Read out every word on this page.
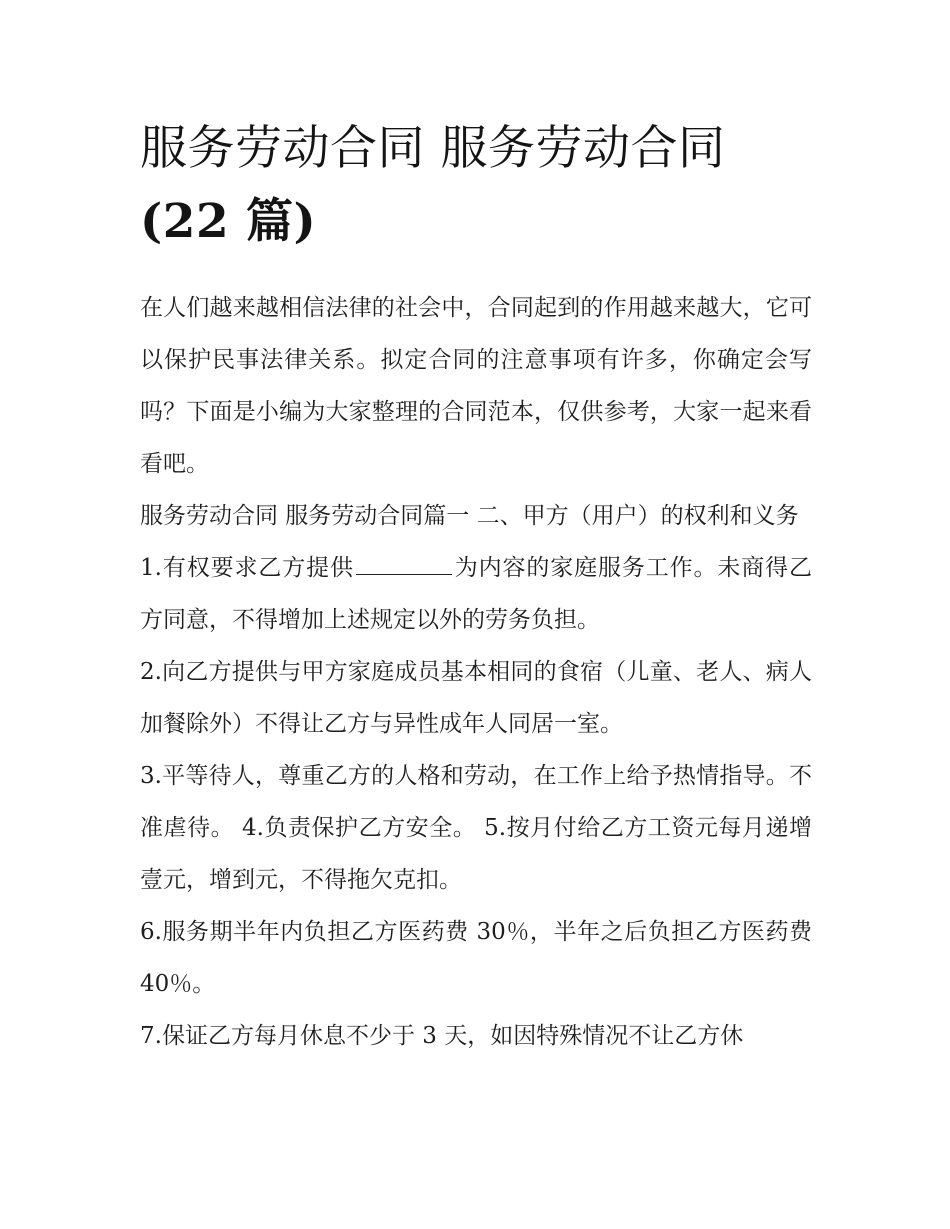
服务劳动合同 服务劳动合同
(22 篇)

在人们越来越相信法律的社会中，合同起到的作用越来越大，它可以保护民事法律关系。拟定合同的注意事项有许多，你确定会写吗？下面是小编为大家整理的合同范本，仅供参考，大家一起来看看吧。

服务劳动合同 服务劳动合同篇一 二、甲方（用户）的权利和义务

1.有权要求乙方提供	为内容的家庭服务工作。未商得乙方同意，不得增加上述规定以外的劳务负担。

2.向乙方提供与甲方家庭成员基本相同的食宿（儿童、老人、病人加餐除外）不得让乙方与异性成年人同居一室。

3.平等待人，尊重乙方的人格和劳动，在工作上给予热情指导。不准虐待。 4.负责保护乙方安全。 5.按月付给乙方工资元每月递增壹元，增到元，不得拖欠克扣。

6.服务期半年内负担乙方医药费 30％，半年之后负担乙方医药费 40％。

7.保证乙方每月休息不少于 3 天，如因特殊情况不让乙方休
